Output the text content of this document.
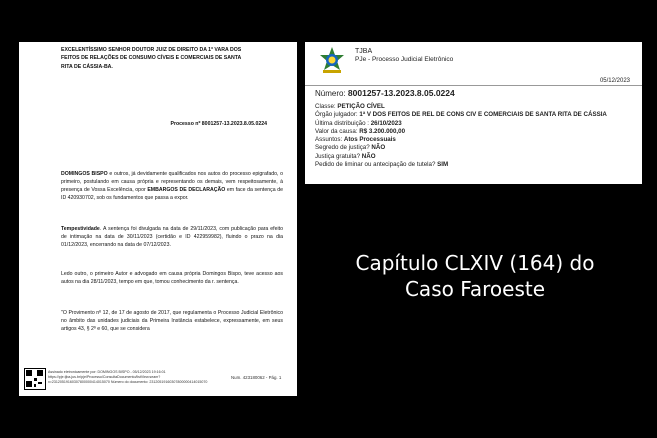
EXCELENTÍSSIMO SENHOR DOUTOR JUIZ DE DIREITO DA 1ª VARA DOS FEITOS DE RELAÇÕES DE CONSUMO CÍVEIS E COMERCIAIS DE SANTA RITA DE CÁSSIA-BA.
Processo nº 8001257-13.2023.8.05.0224
DOMINGOS BISPO e outros, já devidamente qualificados nos autos do processo epigrafado, o primeiro, postulando em causa própria e representando os demais, vem respeitosamente, à presença de Vossa Excelência, opor EMBARGOS DE DECLARAÇÃO em face da sentença de ID 420930702, sob os fundamentos que passa a expor.
Tempestividade. A sentença foi divulgada na data de 29/11/2023, com publicação para efeito de intimação na data de 30/11/2023 (certidão e ID 422959982), fluindo o prazo na dia 01/12/2023, encerrando na data de 07/12/2023.
Ledo outro, o primeiro Autor e advogado em causa própria Domingos Bispo, teve acesso aos autos na dia 28/11/2023, tempo em que, tomou conhecimento da r. sentença.
"O Provimento nº 12, de 17 de agosto de 2017, que regulamenta o Processo Judicial Eletrônico no âmbito das unidades judiciais da Primeira Instância estabelece, expressamente, em seus artigos 43, § 2º e 60, que se considera
Assinado eletronicamente por: DOMINGOS BISPO - 05/12/2023 19:16:01 https://pje.tjba.jus.br/pje/Processo/ConsultaDocumento/listView.seam?x=23120519160307800000414015070 Número do documento: 23120519160307800000414015070
Num. 423180062 - Pág. 1
TJBA
PJe - Processo Judicial Eletrônico
05/12/2023
Número: 8001257-13.2023.8.05.0224
Classe: PETIÇÃO CÍVEL
Órgão julgador: 1ª V DOS FEITOS DE REL DE CONS CIV E COMERCIAIS DE SANTA RITA DE CÁSSIA
Última distribuição : 26/10/2023
Valor da causa: R$ 3.200.000,00
Assuntos: Atos Processuais
Segredo de justiça? NÃO
Justiça gratuita? NÃO
Pedido de liminar ou antecipação de tutela? SIM
Capítulo CLXIV (164) do
Caso Faroeste
